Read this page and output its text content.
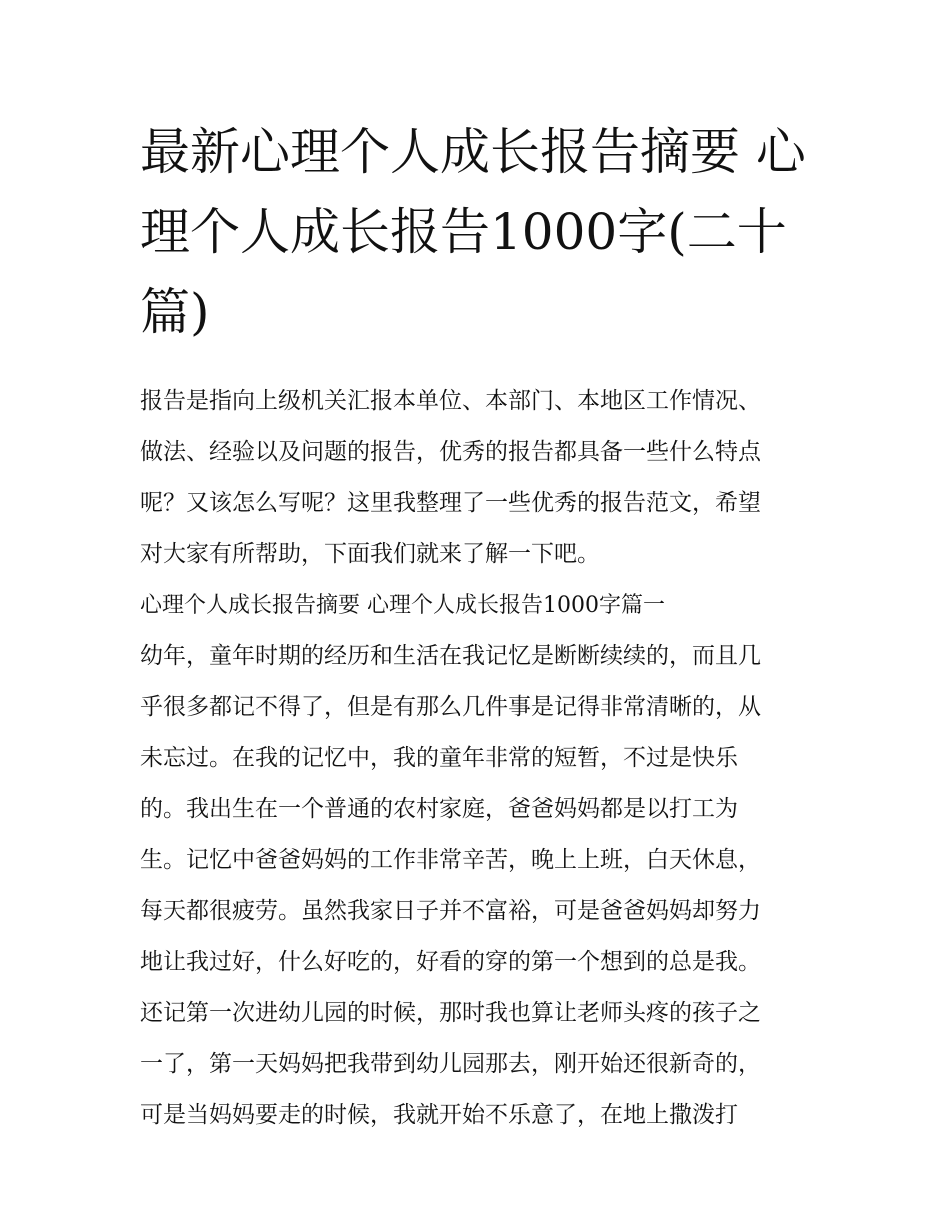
最新心理个人成长报告摘要 心
理个人成长报告1000字(二十
篇)

报告是指向上级机关汇报本单位、本部门、本地区工作情况、
做法、经验以及问题的报告，优秀的报告都具备一些什么特点
呢？又该怎么写呢？这里我整理了一些优秀的报告范文，希望
对大家有所帮助，下面我们就来了解一下吧。

心理个人成长报告摘要 心理个人成长报告1000字篇一

幼年，童年时期的经历和生活在我记忆是断断续续的，而且几
乎很多都记不得了，但是有那么几件事是记得非常清晰的，从
未忘过。在我的记忆中，我的童年非常的短暂，不过是快乐
的。我出生在一个普通的农村家庭，爸爸妈妈都是以打工为
生。记忆中爸爸妈妈的工作非常辛苦，晚上上班，白天休息，
每天都很疲劳。虽然我家日子并不富裕，可是爸爸妈妈却努力
地让我过好，什么好吃的，好看的穿的第一个想到的总是我。
还记第一次进幼儿园的时候，那时我也算让老师头疼的孩子之
一了，第一天妈妈把我带到幼儿园那去，刚开始还很新奇的，
可是当妈妈要走的时候，我就开始不乐意了，在地上撒泼打
